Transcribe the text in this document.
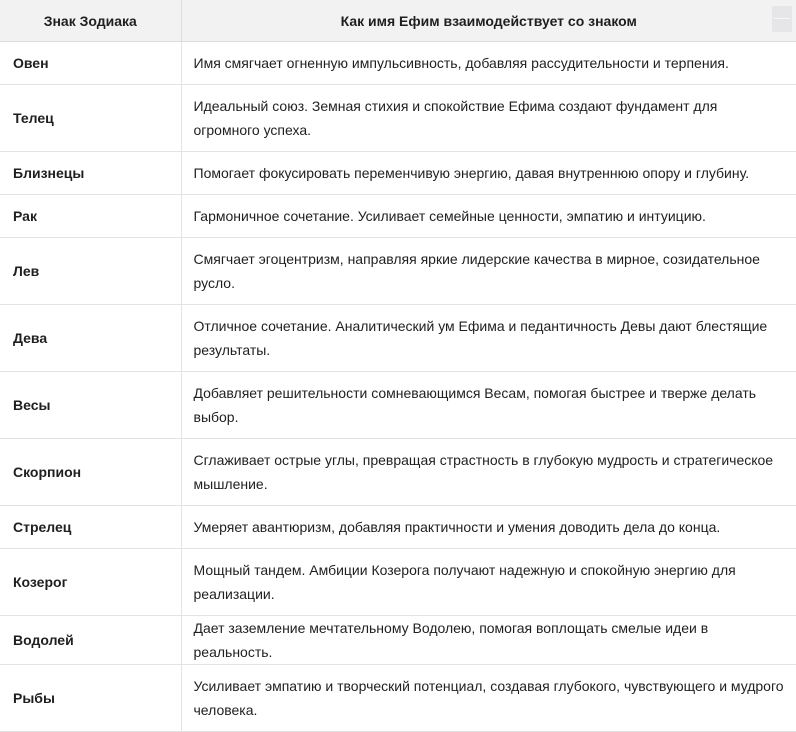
Знак Зодиака	Как имя Ефим взаимодействует со знаком
Овен	Имя смягчает огненную импульсивность, добавляя рассудительности и терпения.
Телец	Идеальный союз. Земная стихия и спокойствие Ефима создают фундамент для огромного успеха.
Близнецы	Помогает фокусировать переменчивую энергию, давая внутреннюю опору и глубину.
Рак	Гармоничное сочетание. Усиливает семейные ценности, эмпатию и интуицию.
Лев	Смягчает эгоцентризм, направляя яркие лидерские качества в мирное, созидательное русло.
Дева	Отличное сочетание. Аналитический ум Ефима и педантичность Девы дают блестящие результаты.
Весы	Добавляет решительности сомневающимся Весам, помогая быстрее и тверже делать выбор.
Скорпион	Сглаживает острые углы, превращая страстность в глубокую мудрость и стратегическое мышление.
Стрелец	Умеряет авантюризм, добавляя практичности и умения доводить дела до конца.
Козерог	Мощный тандем. Амбиции Козерога получают надежную и спокойную энергию для реализации.
Водолей	Дает заземление мечтательному Водолею, помогая воплощать смелые идеи в реальность.
Рыбы	Усиливает эмпатию и творческий потенциал, создавая глубокого, чувствующего и мудрого человека.
